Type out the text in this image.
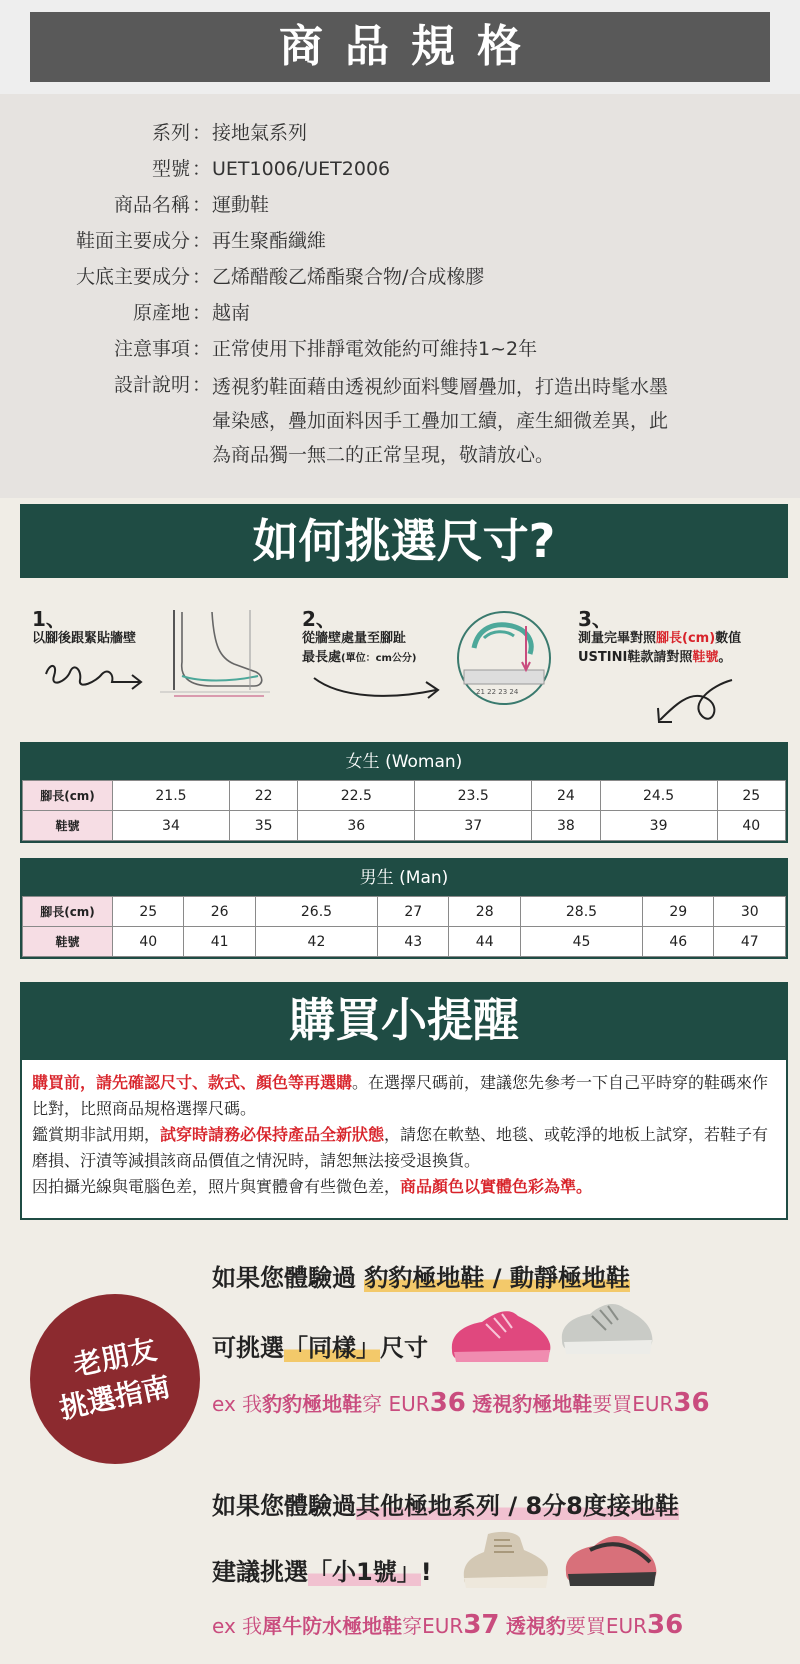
商品規格
系列 ： 接地氣系列
型號 ： UET1006/UET2006
商品名稱 ： 運動鞋
鞋面主要成分 ： 再生聚酯纖維
大底主要成分 ： 乙烯醋酸乙烯酯聚合物/合成橡膠
原產地 ： 越南
注意事項 ： 正常使用下排靜電效能約可維持1~2年
設計說明 ： 透視豹鞋面藉由透視紗面料雙層疊加，打造出時髦水墨
暈染感，疊加面料因手工疊加工續，產生細微差異，此
為商品獨一無二的正常呈現，敬請放心。
如何挑選尺寸?
1、
以腳後跟緊貼牆壁
2、
從牆壁處量至腳趾
最長處(單位：cm公分)
21 22 23 24
3、
測量完畢對照腳長(cm)數值
USTINI鞋款請對照鞋號。
女生 (Woman)
腳長(cm)	21.5	22	22.5	23.5	24	24.5	25
鞋號	34	35	36	37	38	39	40
男生 (Man)
腳長(cm)	25	26	26.5	27	28	28.5	29	30
鞋號	40	41	42	43	44	45	46	47
購買小提醒
購買前，請先確認尺寸、款式、顏色等再選購。在選擇尺碼前，建議您先參考一下自己平時穿的鞋碼來作比對，比照商品規格選擇尺碼。
鑑賞期非試用期，試穿時請務必保持產品全新狀態，請您在軟墊、地毯、或乾淨的地板上試穿，若鞋子有磨損、汙漬等減損該商品價值之情況時，請恕無法接受退換貨。
因拍攝光線與電腦色差，照片與實體會有些微色差，商品顏色以實體色彩為準。
老朋友
挑選指南
如果您體驗過 豹豹極地鞋 / 動靜極地鞋
可挑選「同樣」尺寸
ex 我豹豹極地鞋穿 EUR36 透視豹極地鞋要買EUR36
如果您體驗過其他極地系列 / 8分8度接地鞋
建議挑選「小1號」!
ex 我犀牛防水極地鞋穿EUR37 透視豹要買EUR36
